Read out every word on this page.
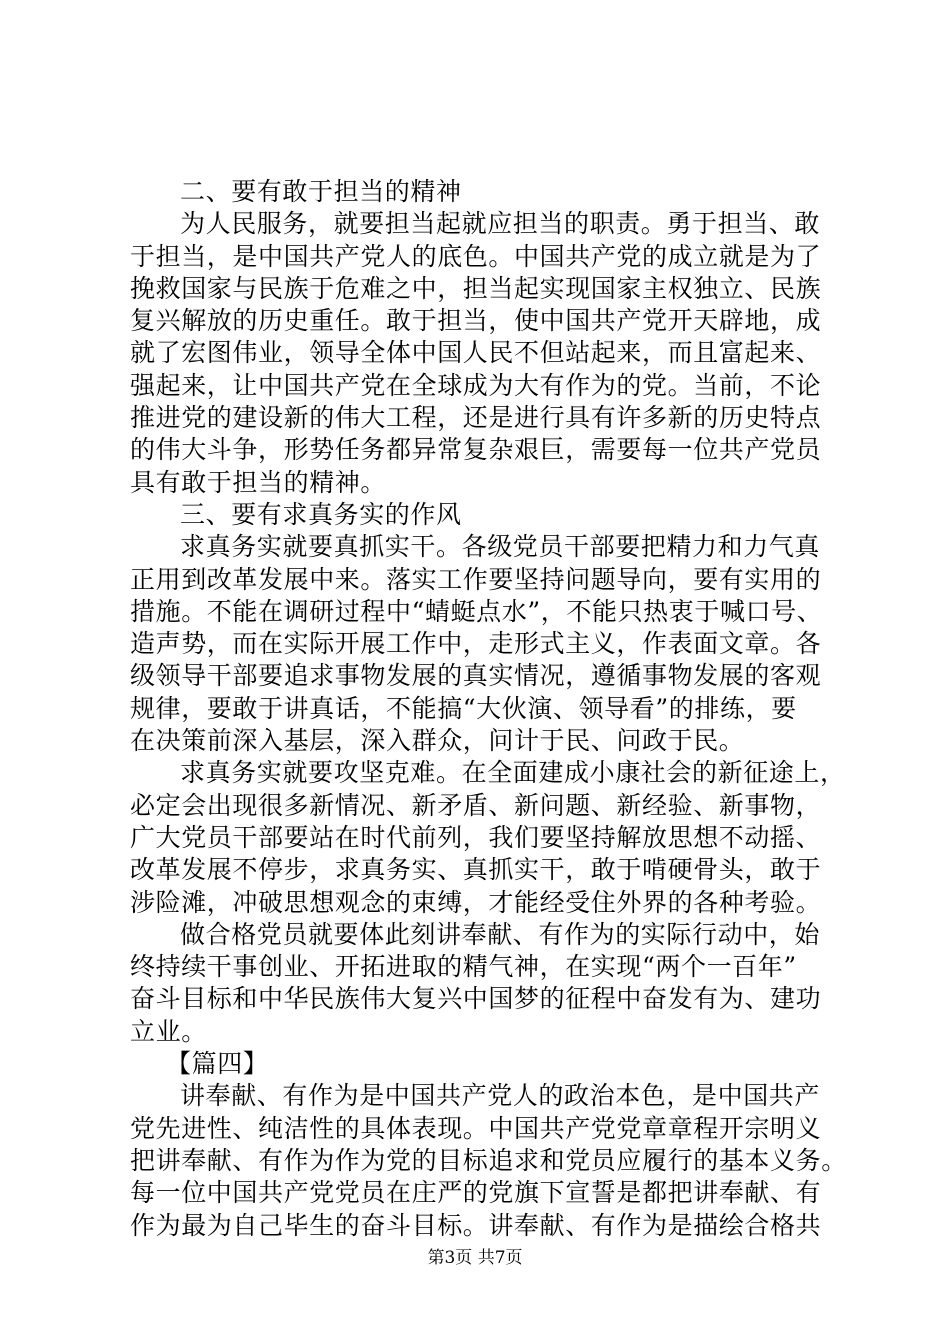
二、要有敢于担当的精神
为人民服务，就要担当起就应担当的职责。勇于担当、敢
于担当，是中国共产党人的底色。中国共产党的成立就是为了
挽救国家与民族于危难之中，担当起实现国家主权独立、民族
复兴解放的历史重任。敢于担当，使中国共产党开天辟地，成
就了宏图伟业，领导全体中国人民不但站起来，而且富起来、
强起来，让中国共产党在全球成为大有作为的党。当前，不论
推进党的建设新的伟大工程，还是进行具有许多新的历史特点
的伟大斗争，形势任务都异常复杂艰巨，需要每一位共产党员
具有敢于担当的精神。
三、要有求真务实的作风
求真务实就要真抓实干。各级党员干部要把精力和力气真
正用到改革发展中来。落实工作要坚持问题导向，要有实用的
措施。不能在调研过程中“蜻蜓点水”，不能只热衷于喊口号、
造声势，而在实际开展工作中，走形式主义，作表面文章。各
级领导干部要追求事物发展的真实情况，遵循事物发展的客观
规律，要敢于讲真话，不能搞“大伙演、领导看”的排练，要
在决策前深入基层，深入群众，问计于民、问政于民。
求真务实就要攻坚克难。在全面建成小康社会的新征途上，
必定会出现很多新情况、新矛盾、新问题、新经验、新事物，
广大党员干部要站在时代前列，我们要坚持解放思想不动摇、
改革发展不停步，求真务实、真抓实干，敢于啃硬骨头，敢于
涉险滩，冲破思想观念的束缚，才能经受住外界的各种考验。
做合格党员就要体此刻讲奉献、有作为的实际行动中，始
终持续干事创业、开拓进取的精气神，在实现“两个一百年”
奋斗目标和中华民族伟大复兴中国梦的征程中奋发有为、建功
立业。
【篇四】
讲奉献、有作为是中国共产党人的政治本色，是中国共产
党先进性、纯洁性的具体表现。中国共产党党章章程开宗明义
把讲奉献、有作为作为党的目标追求和党员应履行的基本义务。
每一位中国共产党党员在庄严的党旗下宣誓是都把讲奉献、有
作为最为自己毕生的奋斗目标。讲奉献、有作为是描绘合格共
第3页 共7页
